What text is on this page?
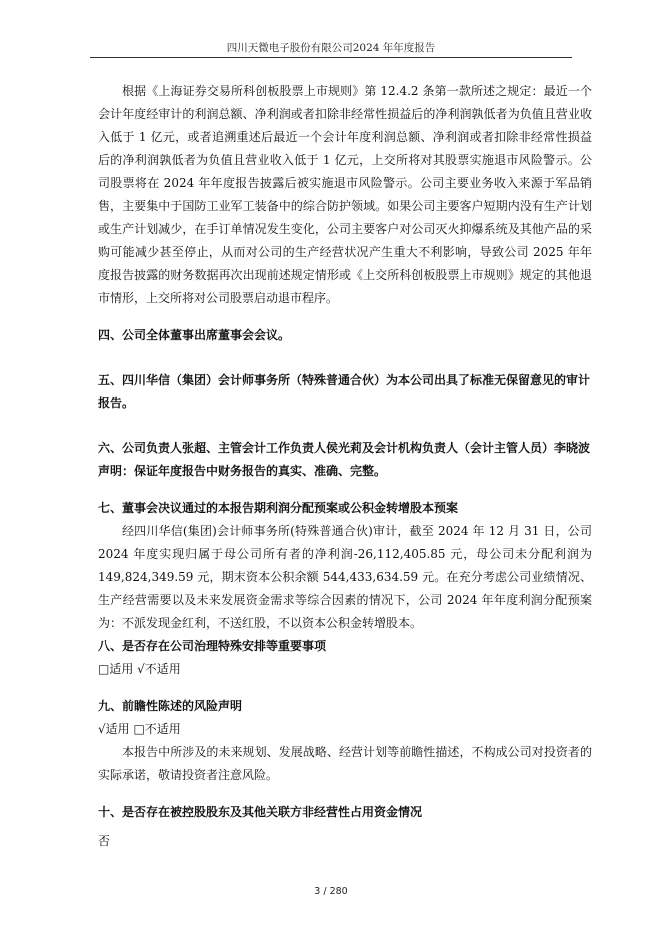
四川天微电子股份有限公司2024 年年度报告

根据《上海证券交易所科创板股票上市规则》第 12.4.2 条第一款所述之规定：最近一个会计年度经审计的利润总额、净利润或者扣除非经常性损益后的净利润孰低者为负值且营业收入低于 1 亿元，或者追溯重述后最近一个会计年度利润总额、净利润或者扣除非经常性损益后的净利润孰低者为负值且营业收入低于 1 亿元，上交所将对其股票实施退市风险警示。公司股票将在 2024 年年度报告披露后被实施退市风险警示。公司主要业务收入来源于军品销售，主要集中于国防工业军工装备中的综合防护领域。如果公司主要客户短期内没有生产计划或生产计划减少，在手订单情况发生变化，公司主要客户对公司灭火抑爆系统及其他产品的采购可能减少甚至停止，从而对公司的生产经营状况产生重大不利影响，导致公司 2025 年年度报告披露的财务数据再次出现前述规定情形或《上交所科创板股票上市规则》规定的其他退市情形，上交所将对公司股票启动退市程序。

四、公司全体董事出席董事会会议。

五、四川华信（集团）会计师事务所（特殊普通合伙）为本公司出具了标准无保留意见的审计报告。

六、公司负责人张超、主管会计工作负责人侯光莉及会计机构负责人（会计主管人员）李晓波声明：保证年度报告中财务报告的真实、准确、完整。

七、董事会决议通过的本报告期利润分配预案或公积金转增股本预案

经四川华信(集团)会计师事务所(特殊普通合伙)审计，截至 2024 年 12 月 31 日，公司 2024 年度实现归属于母公司所有者的净利润-26,112,405.85 元，母公司未分配利润为 149,824,349.59 元，期末资本公积余额 544,433,634.59 元。在充分考虑公司业绩情况、生产经营需要以及未来发展资金需求等综合因素的情况下，公司 2024 年年度利润分配预案为：不派发现金红利，不送红股，不以资本公积金转增股本。

八、是否存在公司治理特殊安排等重要事项

□适用 √不适用

九、前瞻性陈述的风险声明

√适用 □不适用

本报告中所涉及的未来规划、发展战略、经营计划等前瞻性描述，不构成公司对投资者的实际承诺，敬请投资者注意风险。

十、是否存在被控股股东及其他关联方非经营性占用资金情况

否

3 / 280
